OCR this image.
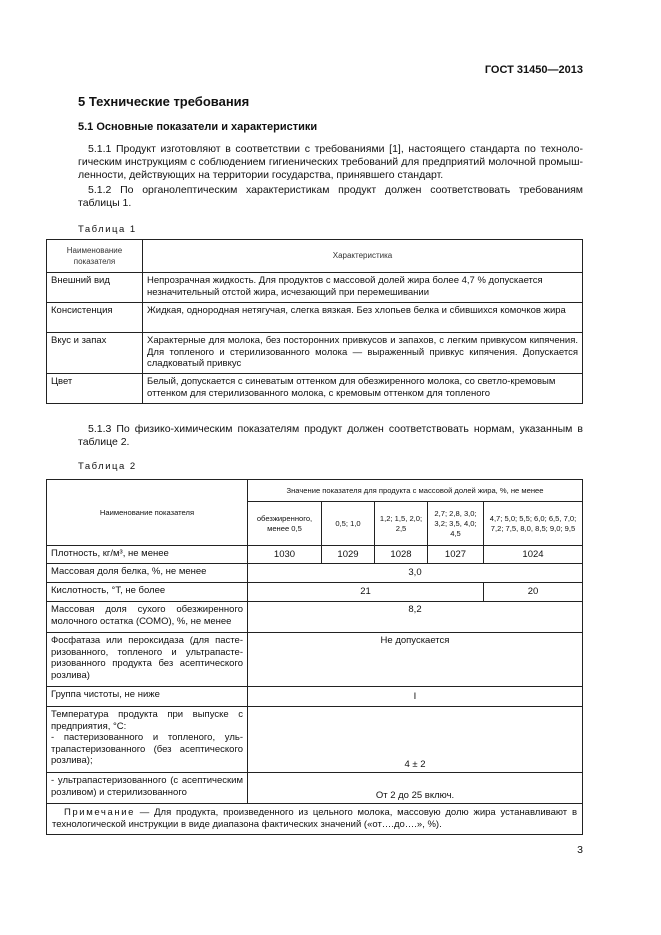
ГОСТ 31450—2013
5 Технические требования
5.1 Основные показатели и характеристики
5.1.1 Продукт изготовляют в соответствии с требованиями [1], настоящего стандарта по технологическим инструкциям с соблюдением гигиенических требований для предприятий молочной промышленности, действующих на территории государства, принявшего стандарт.
5.1.2 По органолептическим характеристикам продукт должен соответствовать требованиям таблицы 1.
Таблица 1
Наименование показателя	Характеристика
Внешний вид	Непрозрачная жидкость. Для продуктов с массовой долей жира более 4,7 % допускается незначительный отстой жира, исчезающий при перемешивании
Консистенция	Жидкая, однородная нетягучая, слегка вязкая. Без хлопьев белка и сбившихся комочков жира
Вкус и запах	Характерные для молока, без посторонних привкусов и запахов, с легким привкусом кипячения. Для топленого и стерилизованного молока — выраженный привкус кипячения. Допускается сладковатый привкус
Цвет	Белый, допускается с синеватым оттенком для обезжиренного молока, со светло-кремовым оттенком для стерилизованного молока, с кремовым оттенком для топленого
5.1.3 По физико-химическим показателям продукт должен соответствовать нормам, указанным в таблице 2.
Таблица 2
Наименование показателя	Значение показателя для продукта с массовой долей жира, %, не менее				
	обезжиренного, менее 0,5	0,5; 1,0	1,2; 1,5, 2,0; 2,5	2,7; 2,8, 3,0; 3,2; 3,5, 4,0; 4,5	4,7; 5,0; 5,5; 6,0; 6,5, 7,0; 7,2; 7,5, 8,0, 8,5; 9,0; 9,5
Плотность, кг/м³, не менее	1030	1029	1028	1027	1024
Массовая доля белка, %, не менее	3,0				
Кислотность, °Т, не более	21				20
Массовая доля сухого обезжиренного молочного остатка (СОМО), %, не менее	8,2				
Фосфатаза или пероксидаза (для пастеризованного, топленого и ультрапастеризованного продукта без асептического розлива)	Не допускается				
Группа чистоты, не ниже	I				
Температура продукта при выпуске с предприятия, °С:
- пастеризованного и топленого, ультрапастеризованного (без асептического розлива);	4 ± 2				
- ультрапастеризованного (с асептическим розливом) и стерилизованного	От 2 до 25 включ.				
Примечание — Для продукта, произведенного из цельного молока, массовую долю жира устанавливают в технологической инструкции в виде диапазона фактических значений («от….до….», %).					
3
